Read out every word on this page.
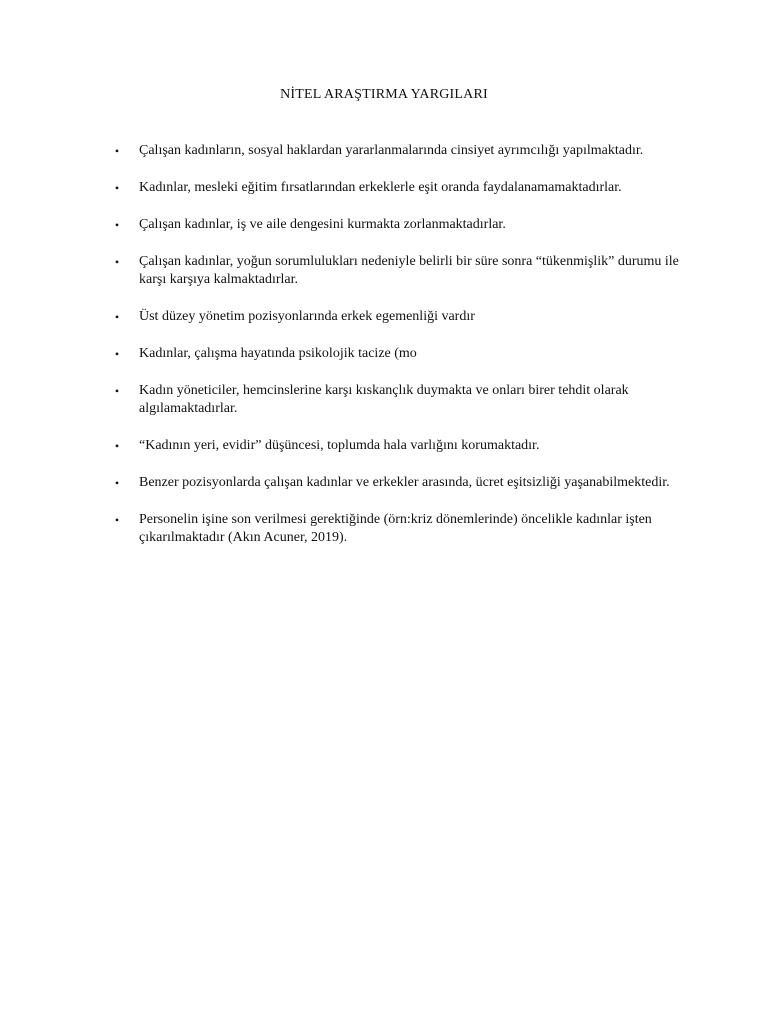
NİTEL ARAŞTIRMA YARGILARI
• Çalışan kadınların, sosyal haklardan yararlanmalarında cinsiyet ayrımcılığı yapılmaktadır.
• Kadınlar, mesleki eğitim fırsatlarından erkeklerle eşit oranda faydalanamamaktadırlar.
• Çalışan kadınlar, iş ve aile dengesini kurmakta zorlanmaktadırlar.
• Çalışan kadınlar, yoğun sorumlulukları nedeniyle belirli bir süre sonra “tükenmişlik” durumu ile karşı karşıya kalmaktadırlar.
• Üst düzey yönetim pozisyonlarında erkek egemenliği vardır
• Kadınlar, çalışma hayatında psikolojik tacize (mo
• Kadın yöneticiler, hemcinslerine karşı kıskançlık duymakta ve onları birer tehdit olarak algılamaktadırlar.
• “Kadının yeri, evidir” düşüncesi, toplumda hala varlığını korumaktadır.
• Benzer pozisyonlarda çalışan kadınlar ve erkekler arasında, ücret eşitsizliği yaşanabilmektedir.
• Personelin işine son verilmesi gerektiğinde (örn:kriz dönemlerinde) öncelikle kadınlar işten çıkarılmaktadır (Akın Acuner, 2019).
